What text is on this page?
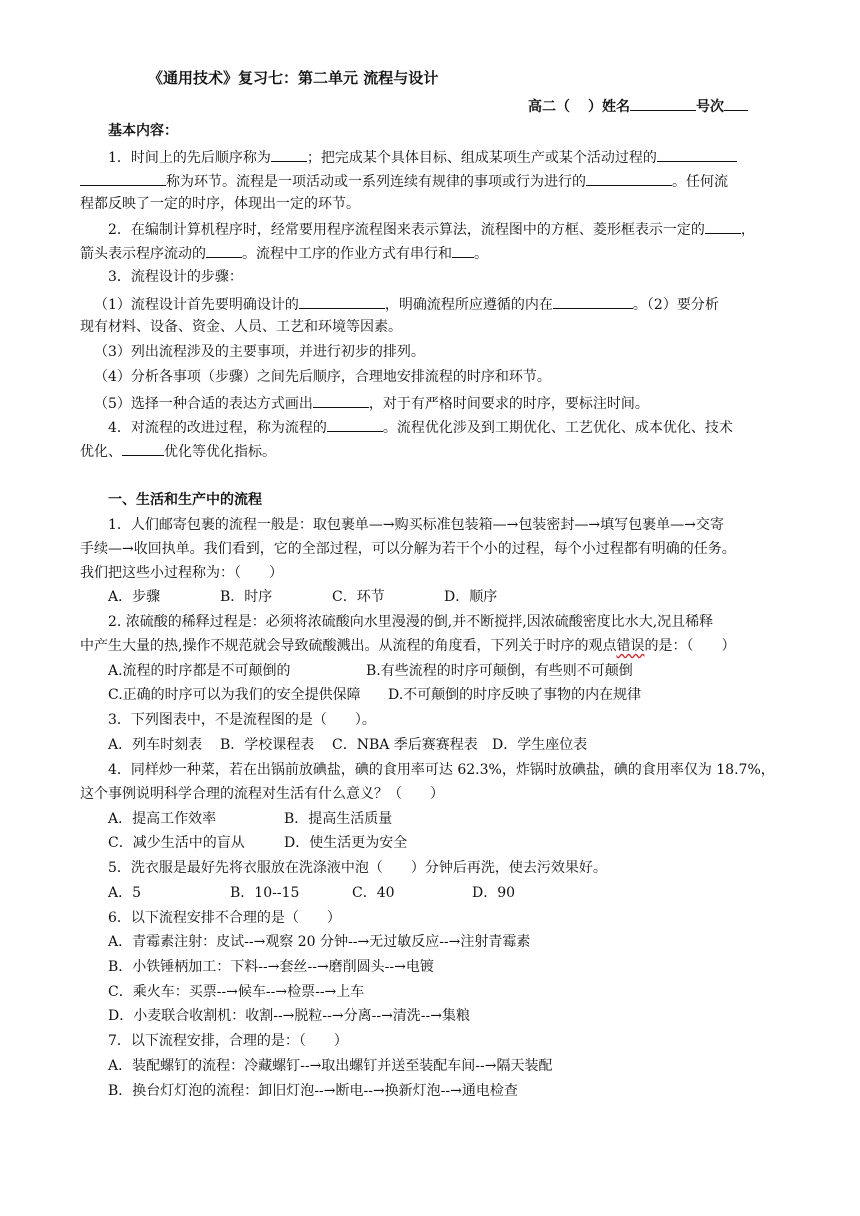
《通用技术》复习七：第二单元 流程与设计
高二（ ）姓名	号次
基本内容：
1．时间上的先后顺序称为	；把完成某个具体目标、组成某项生产或某个活动过程的
称为环节。流程是一项活动或一系列连续有规律的事项或行为进行的	。任何流
程都反映了一定的时序，体现出一定的环节。
2．在编制计算机程序时，经常要用程序流程图来表示算法，流程图中的方框、菱形框表示一定的	，
箭头表示程序流动的	。流程中工序的作业方式有串行和 。
3．流程设计的步骤：
（1）流程设计首先要明确设计的	，明确流程所应遵循的内在	。（2）要分析
现有材料、设备、资金、人员、工艺和环境等因素。
（3）列出流程涉及的主要事项，并进行初步的排列。
（4）分析各事项（步骤）之间先后顺序，合理地安排流程的时序和环节。
（5）选择一种合适的表达方式画出	，对于有严格时间要求的时序，要标注时间。
4．对流程的改进过程，称为流程的	。流程优化涉及到工期优化、工艺优化、成本优化、技术
优化、	优化等优化指标。
一、生活和生产中的流程
1．人们邮寄包裹的流程一般是：取包裹单—→购买标准包装箱—→包装密封—→填写包裹单—→交寄
手续—→收回执单。我们看到，它的全部过程，可以分解为若干个小的过程，每个小过程都有明确的任务。
我们把这些小过程称为：（　　）
A．步骤	B．时序	C．环节	D．顺序
2. 浓硫酸的稀释过程是：必须将浓硫酸向水里漫漫的倒,并不断搅拌,因浓硫酸密度比水大,况且稀释
中产生大量的热,操作不规范就会导致硫酸溅出。从流程的角度看，下列关于时序的观点错误的是：（　　）
A.流程的时序都是不可颠倒的	B.有些流程的时序可颠倒，有些则不可颠倒
C.正确的时序可以为我们的安全提供保障 D.不可颠倒的时序反映了事物的内在规律
3．下列图表中，不是流程图的是（　　）。
A．列车时刻表 B．学校课程表 C．NBA 季后赛赛程表 D．学生座位表
4．同样炒一种菜，若在出锅前放碘盐，碘的食用率可达 62.3%，炸锅时放碘盐，碘的食用率仅为 18.7%，
这个事例说明科学合理的流程对生活有什么意义？（　　）
A．提高工作效率	B．提高生活质量
C．减少生活中的盲从	D．使生活更为安全
5．洗衣服是最好先将衣服放在洗涤液中泡（　　）分钟后再洗，使去污效果好。
A．5	B．10--15	C．40	D．90
6．以下流程安排不合理的是（　　）
A．青霉素注射：皮试--→观察 20 分钟--→无过敏反应--→注射青霉素
B．小铁锤柄加工：下料--→套丝--→磨削圆头--→电镀
C．乘火车：买票--→候车--→检票--→上车
D．小麦联合收割机：收割--→脱粒--→分离--→清洗--→集粮
7．以下流程安排，合理的是：（　　）
A．装配螺钉的流程：冷藏螺钉--→取出螺钉并送至装配车间--→隔天装配
B．换台灯灯泡的流程：卸旧灯泡--→断电--→换新灯泡--→通电检查
